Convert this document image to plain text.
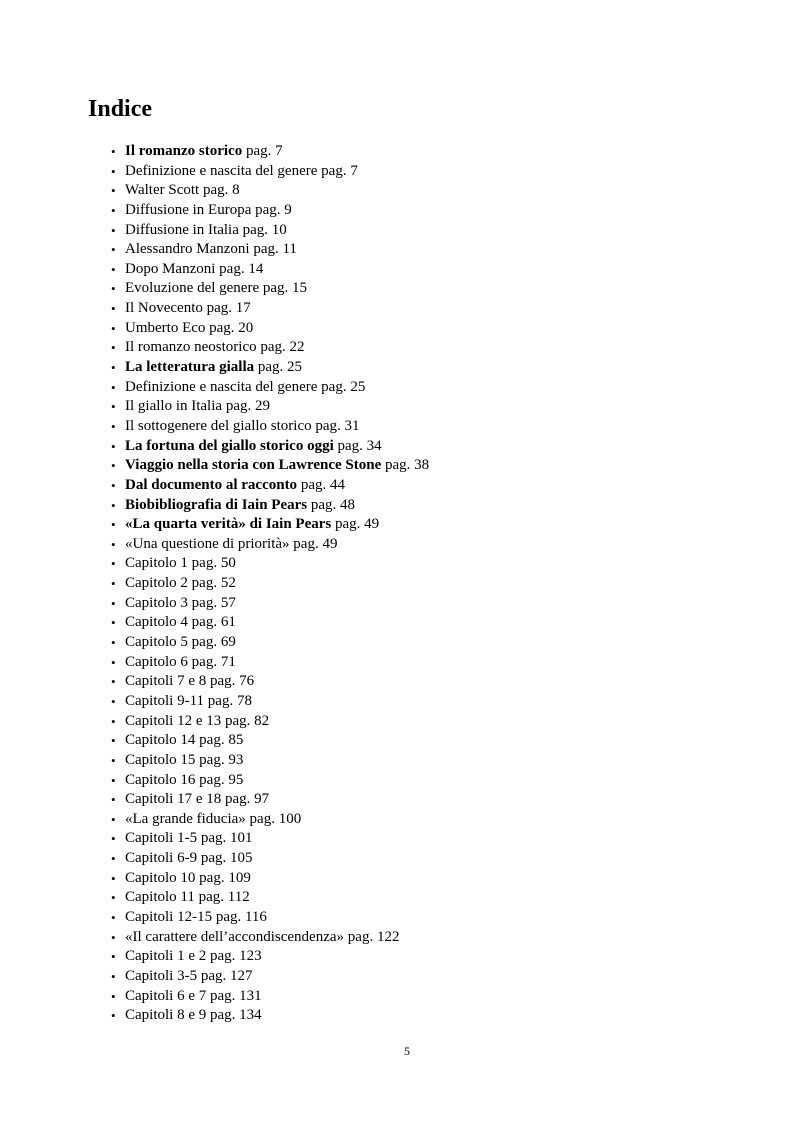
Indice
• Il romanzo storico pag. 7
• Definizione e nascita del genere pag. 7
• Walter Scott pag. 8
• Diffusione in Europa pag. 9
• Diffusione in Italia pag. 10
• Alessandro Manzoni pag. 11
• Dopo Manzoni pag. 14
• Evoluzione del genere pag. 15
• Il Novecento pag. 17
• Umberto Eco pag. 20
• Il romanzo neostorico pag. 22
• La letteratura gialla pag. 25
• Definizione e nascita del genere pag. 25
• Il giallo in Italia pag. 29
• Il sottogenere del giallo storico pag. 31
• La fortuna del giallo storico oggi pag. 34
• Viaggio nella storia con Lawrence Stone pag. 38
• Dal documento al racconto pag. 44
• Biobibliografia di Iain Pears pag. 48
• «La quarta verità» di Iain Pears pag. 49
• «Una questione di priorità» pag. 49
• Capitolo 1 pag. 50
• Capitolo 2 pag. 52
• Capitolo 3 pag. 57
• Capitolo 4 pag. 61
• Capitolo 5 pag. 69
• Capitolo 6 pag. 71
• Capitoli 7 e 8 pag. 76
• Capitoli 9-11 pag. 78
• Capitoli 12 e 13 pag. 82
• Capitolo 14 pag. 85
• Capitolo 15 pag. 93
• Capitolo 16 pag. 95
• Capitoli 17 e 18 pag. 97
• «La grande fiducia» pag. 100
• Capitoli 1-5 pag. 101
• Capitoli 6-9 pag. 105
• Capitolo 10 pag. 109
• Capitolo 11 pag. 112
• Capitoli 12-15 pag. 116
• «Il carattere dell’accondiscendenza» pag. 122
• Capitoli 1 e 2 pag. 123
• Capitoli 3-5 pag. 127
• Capitoli 6 e 7 pag. 131
• Capitoli 8 e 9 pag. 134
5
